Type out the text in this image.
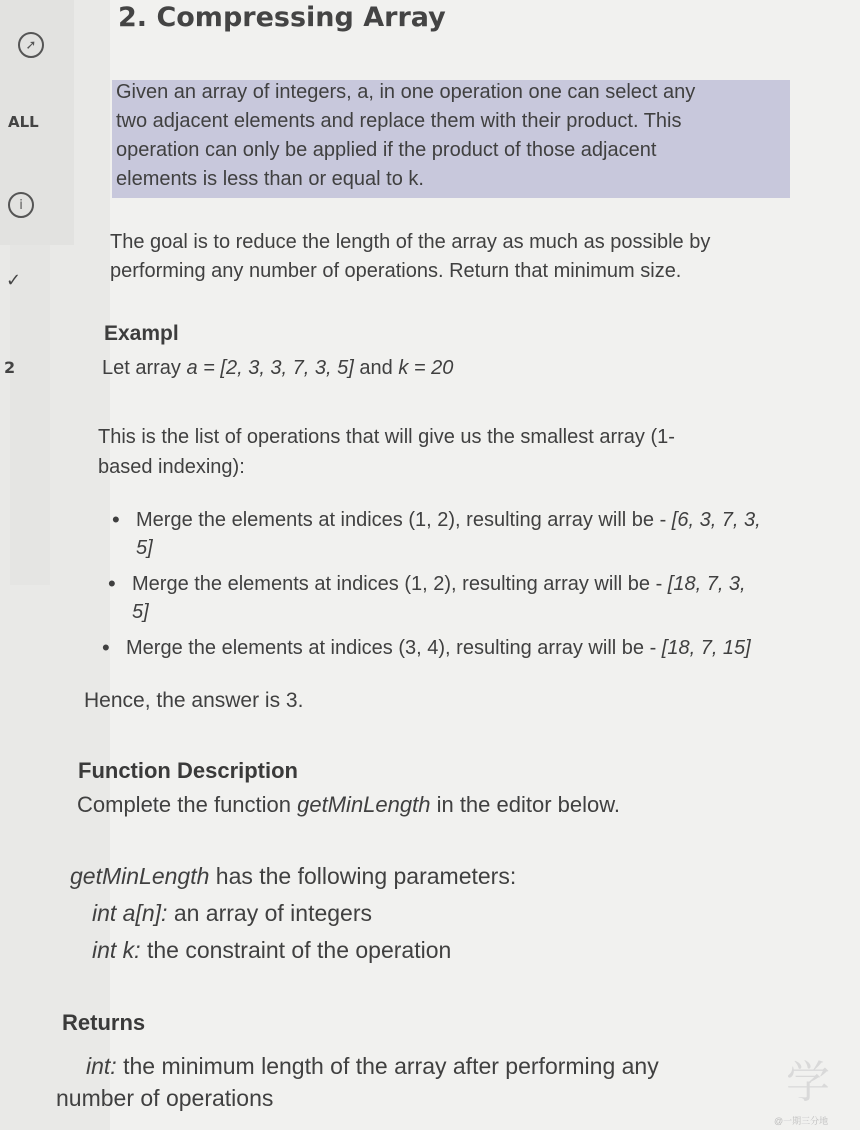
➚
ALL
i
✓
2
2. Compressing Array
Given an array of integers, a, in one operation one can select any
two adjacent elements and replace them with their product. This
operation can only be applied if the product of those adjacent
elements is less than or equal to k.
The goal is to reduce the length of the array as much as possible by
performing any number of operations. Return that minimum size.
Exampl
Let array a = [2, 3, 3, 7, 3, 5] and k = 20
This is the list of operations that will give us the smallest array (1-
based indexing):
• Merge the elements at indices (1, 2), resulting array will be - [6, 3, 7, 3,
5]
• Merge the elements at indices (1, 2), resulting array will be - [18, 7, 3,
5]
• Merge the elements at indices (3, 4), resulting array will be - [18, 7, 15]
Hence, the answer is 3.
Function Description
Complete the function getMinLength in the editor below.
getMinLength has the following parameters:
int a[n]: an array of integers
int k: the constraint of the operation
Returns
int: the minimum length of the array after performing any
number of operations	学
@一期三分地
